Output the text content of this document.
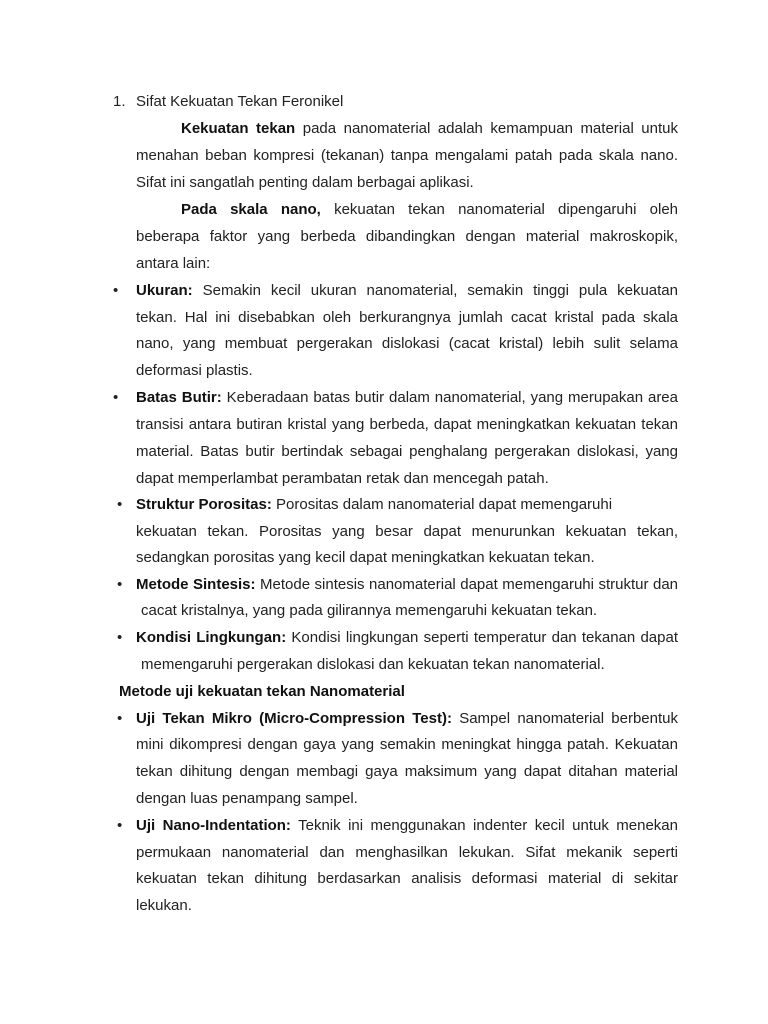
1. Sifat Kekuatan Tekan Feronikel
Kekuatan tekan pada nanomaterial adalah kemampuan material untuk
menahan beban kompresi (tekanan) tanpa mengalami patah pada skala nano.
Sifat ini sangatlah penting dalam berbagai aplikasi.
Pada skala nano, kekuatan tekan nanomaterial dipengaruhi oleh
beberapa faktor yang berbeda dibandingkan dengan material makroskopik,
antara lain:
• Ukuran: Semakin kecil ukuran nanomaterial, semakin tinggi pula kekuatan
tekan. Hal ini disebabkan oleh berkurangnya jumlah cacat kristal pada skala
nano, yang membuat pergerakan dislokasi (cacat kristal) lebih sulit selama
deformasi plastis.
• Batas Butir: Keberadaan batas butir dalam nanomaterial, yang merupakan area
transisi antara butiran kristal yang berbeda, dapat meningkatkan kekuatan tekan
material. Batas butir bertindak sebagai penghalang pergerakan dislokasi, yang
dapat memperlambat perambatan retak dan mencegah patah.
• Struktur Porositas: Porositas dalam nanomaterial dapat memengaruhi
kekuatan tekan. Porositas yang besar dapat menurunkan kekuatan tekan,
sedangkan porositas yang kecil dapat meningkatkan kekuatan tekan.
• Metode Sintesis: Metode sintesis nanomaterial dapat memengaruhi struktur dan
cacat kristalnya, yang pada gilirannya memengaruhi kekuatan tekan.
• Kondisi Lingkungan: Kondisi lingkungan seperti temperatur dan tekanan dapat
memengaruhi pergerakan dislokasi dan kekuatan tekan nanomaterial.
Metode uji kekuatan tekan Nanomaterial
• Uji Tekan Mikro (Micro-Compression Test): Sampel nanomaterial berbentuk
mini dikompresi dengan gaya yang semakin meningkat hingga patah. Kekuatan
tekan dihitung dengan membagi gaya maksimum yang dapat ditahan material
dengan luas penampang sampel.
• Uji Nano-Indentation: Teknik ini menggunakan indenter kecil untuk menekan
permukaan nanomaterial dan menghasilkan lekukan. Sifat mekanik seperti
kekuatan tekan dihitung berdasarkan analisis deformasi material di sekitar
lekukan.
